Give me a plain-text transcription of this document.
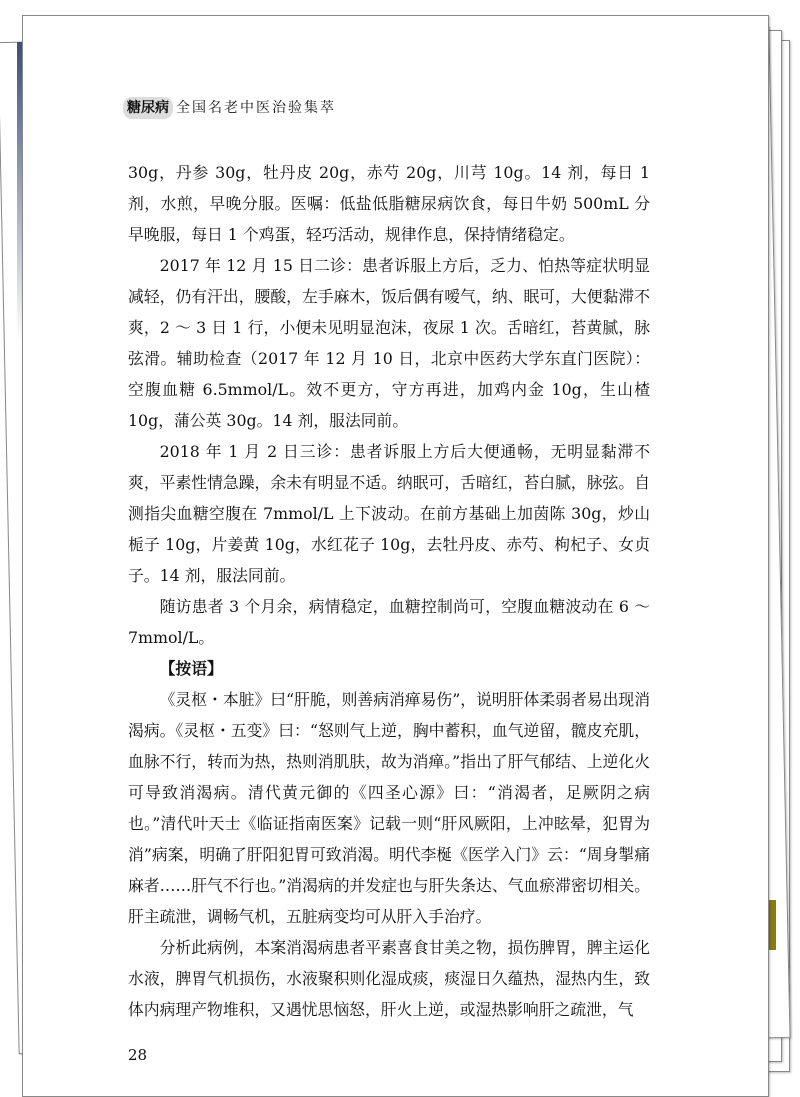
糖尿病 全国名老中医治验集萃

30g，丹参 30g，牡丹皮 20g，赤芍 20g，川芎 10g。14 剂，每日 1 剂，水煎，早晚分服。医嘱：低盐低脂糖尿病饮食，每日牛奶 500mL 分早晚服，每日 1 个鸡蛋，轻巧活动，规律作息，保持情绪稳定。

2017 年 12 月 15 日二诊：患者诉服上方后，乏力、怕热等症状明显减轻，仍有汗出，腰酸，左手麻木，饭后偶有嗳气，纳、眠可，大便黏滞不爽，2 ～ 3 日 1 行，小便未见明显泡沫，夜尿 1 次。舌暗红，苔黄腻，脉弦滑。辅助检查（2017 年 12 月 10 日，北京中医药大学东直门医院）：空腹血糖 6.5mmol/L。效不更方，守方再进，加鸡内金 10g，生山楂 10g，蒲公英 30g。14 剂，服法同前。

2018 年 1 月 2 日三诊：患者诉服上方后大便通畅，无明显黏滞不爽，平素性情急躁，余未有明显不适。纳眠可，舌暗红，苔白腻，脉弦。自测指尖血糖空腹在 7mmol/L 上下波动。在前方基础上加茵陈 30g，炒山栀子 10g，片姜黄 10g，水红花子 10g，去牡丹皮、赤芍、枸杞子、女贞子。14 剂，服法同前。

随访患者 3 个月余，病情稳定，血糖控制尚可，空腹血糖波动在 6 ～ 7mmol/L。

【按语】

《灵枢・本脏》曰“肝脆，则善病消瘅易伤”，说明肝体柔弱者易出现消渴病。《灵枢・五变》曰：“怒则气上逆，胸中蓄积，血气逆留，髋皮充肌，血脉不行，转而为热，热则消肌肤，故为消瘅。”指出了肝气郁结、上逆化火可导致消渴病。清代黄元御的《四圣心源》曰：“消渴者，足厥阴之病也。”清代叶天士《临证指南医案》记载一则“肝风厥阳，上冲眩晕，犯胃为消”病案，明确了肝阳犯胃可致消渴。明代李梴《医学入门》云：“周身掣痛麻者……肝气不行也。”消渴病的并发症也与肝失条达、气血瘀滞密切相关。肝主疏泄，调畅气机，五脏病变均可从肝入手治疗。

分析此病例，本案消渴病患者平素喜食甘美之物，损伤脾胃，脾主运化水液，脾胃气机损伤，水液聚积则化湿成痰，痰湿日久蕴热，湿热内生，致体内病理产物堆积，又遇忧思恼怒，肝火上逆，或湿热影响肝之疏泄，气

28
